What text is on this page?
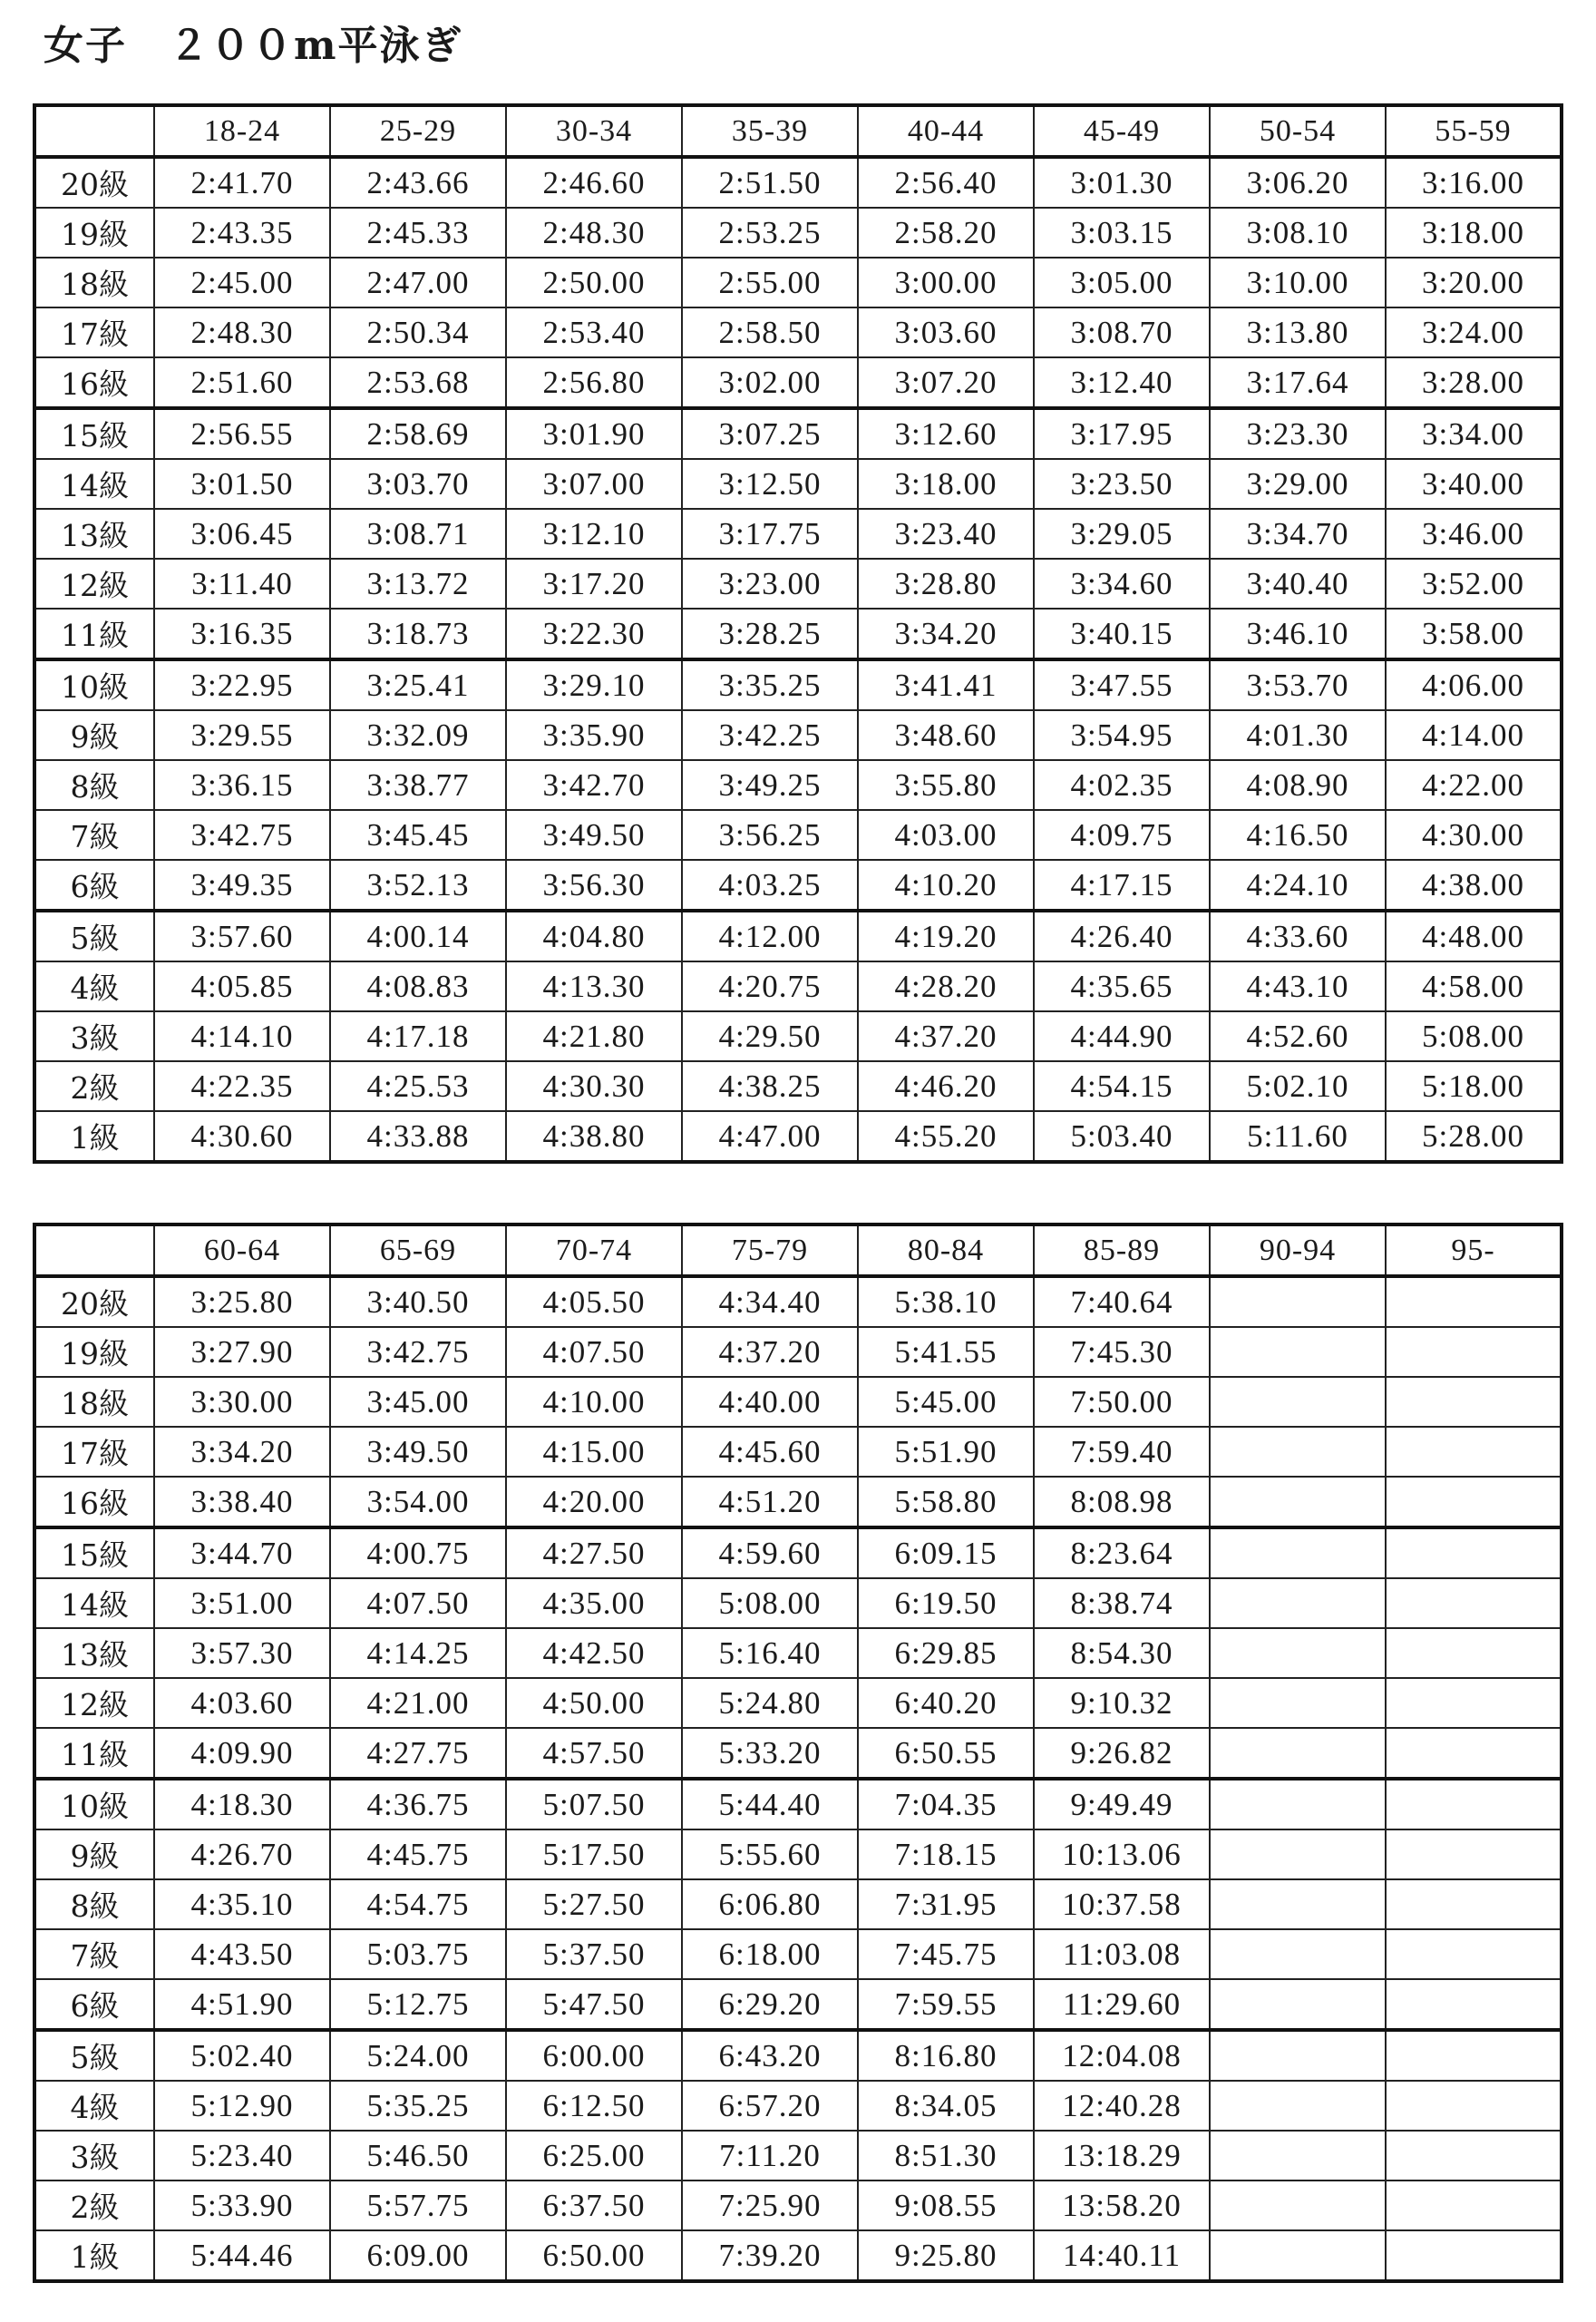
女子　２００m平泳ぎ
	18-24	25-29	30-34	35-39	40-44	45-49	50-54	55-59
20級	2:41.70	2:43.66	2:46.60	2:51.50	2:56.40	3:01.30	3:06.20	3:16.00
19級	2:43.35	2:45.33	2:48.30	2:53.25	2:58.20	3:03.15	3:08.10	3:18.00
18級	2:45.00	2:47.00	2:50.00	2:55.00	3:00.00	3:05.00	3:10.00	3:20.00
17級	2:48.30	2:50.34	2:53.40	2:58.50	3:03.60	3:08.70	3:13.80	3:24.00
16級	2:51.60	2:53.68	2:56.80	3:02.00	3:07.20	3:12.40	3:17.64	3:28.00
15級	2:56.55	2:58.69	3:01.90	3:07.25	3:12.60	3:17.95	3:23.30	3:34.00
14級	3:01.50	3:03.70	3:07.00	3:12.50	3:18.00	3:23.50	3:29.00	3:40.00
13級	3:06.45	3:08.71	3:12.10	3:17.75	3:23.40	3:29.05	3:34.70	3:46.00
12級	3:11.40	3:13.72	3:17.20	3:23.00	3:28.80	3:34.60	3:40.40	3:52.00
11級	3:16.35	3:18.73	3:22.30	3:28.25	3:34.20	3:40.15	3:46.10	3:58.00
10級	3:22.95	3:25.41	3:29.10	3:35.25	3:41.41	3:47.55	3:53.70	4:06.00
9級	3:29.55	3:32.09	3:35.90	3:42.25	3:48.60	3:54.95	4:01.30	4:14.00
8級	3:36.15	3:38.77	3:42.70	3:49.25	3:55.80	4:02.35	4:08.90	4:22.00
7級	3:42.75	3:45.45	3:49.50	3:56.25	4:03.00	4:09.75	4:16.50	4:30.00
6級	3:49.35	3:52.13	3:56.30	4:03.25	4:10.20	4:17.15	4:24.10	4:38.00
5級	3:57.60	4:00.14	4:04.80	4:12.00	4:19.20	4:26.40	4:33.60	4:48.00
4級	4:05.85	4:08.83	4:13.30	4:20.75	4:28.20	4:35.65	4:43.10	4:58.00
3級	4:14.10	4:17.18	4:21.80	4:29.50	4:37.20	4:44.90	4:52.60	5:08.00
2級	4:22.35	4:25.53	4:30.30	4:38.25	4:46.20	4:54.15	5:02.10	5:18.00
1級	4:30.60	4:33.88	4:38.80	4:47.00	4:55.20	5:03.40	5:11.60	5:28.00
	60-64	65-69	70-74	75-79	80-84	85-89	90-94	95-
20級	3:25.80	3:40.50	4:05.50	4:34.40	5:38.10	7:40.64		
19級	3:27.90	3:42.75	4:07.50	4:37.20	5:41.55	7:45.30		
18級	3:30.00	3:45.00	4:10.00	4:40.00	5:45.00	7:50.00		
17級	3:34.20	3:49.50	4:15.00	4:45.60	5:51.90	7:59.40		
16級	3:38.40	3:54.00	4:20.00	4:51.20	5:58.80	8:08.98		
15級	3:44.70	4:00.75	4:27.50	4:59.60	6:09.15	8:23.64		
14級	3:51.00	4:07.50	4:35.00	5:08.00	6:19.50	8:38.74		
13級	3:57.30	4:14.25	4:42.50	5:16.40	6:29.85	8:54.30		
12級	4:03.60	4:21.00	4:50.00	5:24.80	6:40.20	9:10.32		
11級	4:09.90	4:27.75	4:57.50	5:33.20	6:50.55	9:26.82		
10級	4:18.30	4:36.75	5:07.50	5:44.40	7:04.35	9:49.49		
9級	4:26.70	4:45.75	5:17.50	5:55.60	7:18.15	10:13.06		
8級	4:35.10	4:54.75	5:27.50	6:06.80	7:31.95	10:37.58		
7級	4:43.50	5:03.75	5:37.50	6:18.00	7:45.75	11:03.08		
6級	4:51.90	5:12.75	5:47.50	6:29.20	7:59.55	11:29.60		
5級	5:02.40	5:24.00	6:00.00	6:43.20	8:16.80	12:04.08		
4級	5:12.90	5:35.25	6:12.50	6:57.20	8:34.05	12:40.28		
3級	5:23.40	5:46.50	6:25.00	7:11.20	8:51.30	13:18.29		
2級	5:33.90	5:57.75	6:37.50	7:25.90	9:08.55	13:58.20		
1級	5:44.46	6:09.00	6:50.00	7:39.20	9:25.80	14:40.11		
